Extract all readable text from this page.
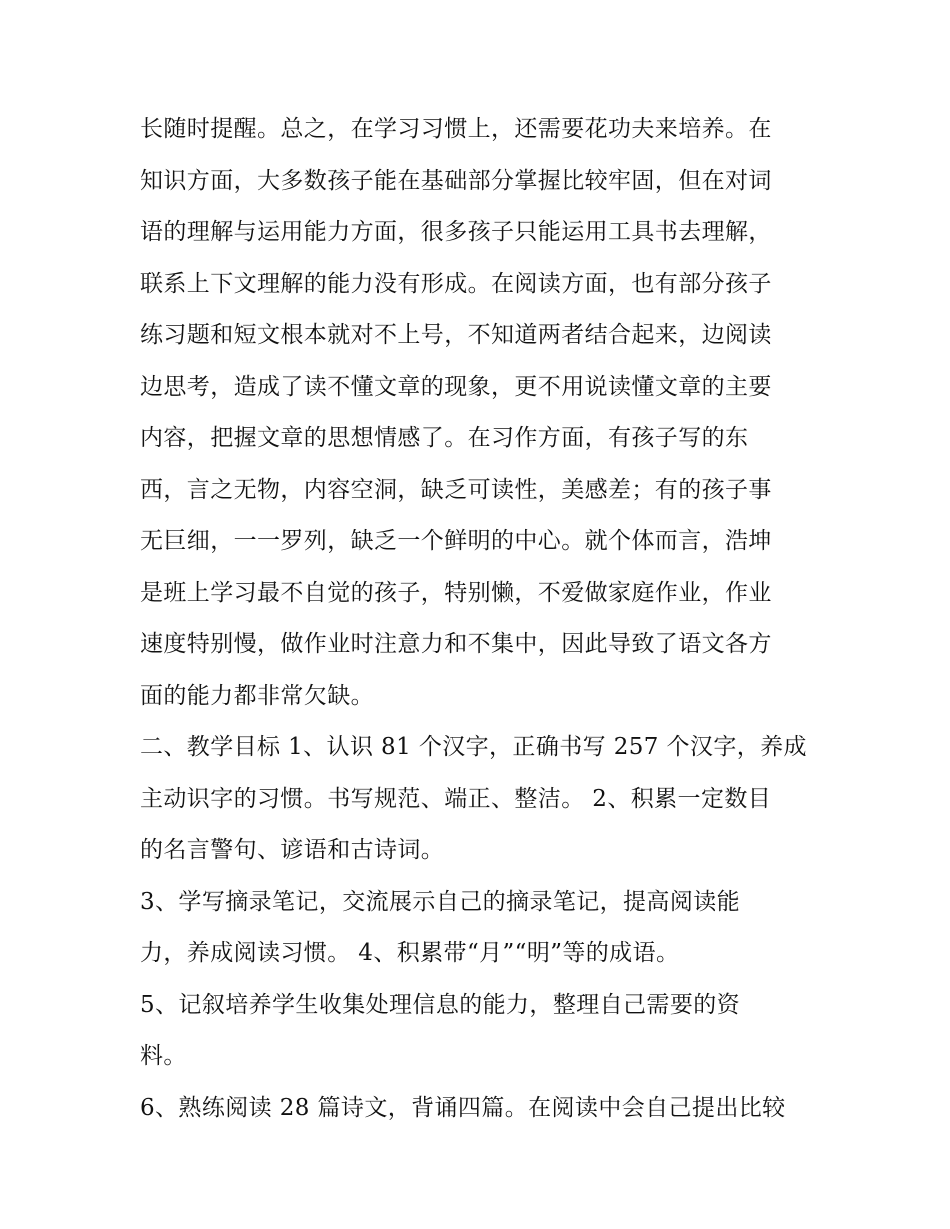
长随时提醒。总之，在学习习惯上，还需要花功夫来培养。在
知识方面，大多数孩子能在基础部分掌握比较牢固，但在对词
语的理解与运用能力方面，很多孩子只能运用工具书去理解，
联系上下文理解的能力没有形成。在阅读方面，也有部分孩子
练习题和短文根本就对不上号，不知道两者结合起来，边阅读
边思考，造成了读不懂文章的现象，更不用说读懂文章的主要
内容，把握文章的思想情感了。在习作方面，有孩子写的东
西，言之无物，内容空洞，缺乏可读性，美感差；有的孩子事
无巨细，一一罗列，缺乏一个鲜明的中心。就个体而言，浩坤
是班上学习最不自觉的孩子，特别懒，不爱做家庭作业，作业
速度特别慢，做作业时注意力和不集中，因此导致了语文各方
面的能力都非常欠缺。
二、教学目标 1、认识 81 个汉字，正确书写 257 个汉字，养成
主动识字的习惯。书写规范、端正、整洁。 2、积累一定数目
的名言警句、谚语和古诗词。
3、学写摘录笔记，交流展示自己的摘录笔记，提高阅读能
力，养成阅读习惯。 4、积累带“月”“明”等的成语。
5、记叙培养学生收集处理信息的能力，整理自己需要的资
料。
6、熟练阅读 28 篇诗文，背诵四篇。在阅读中会自己提出比较
